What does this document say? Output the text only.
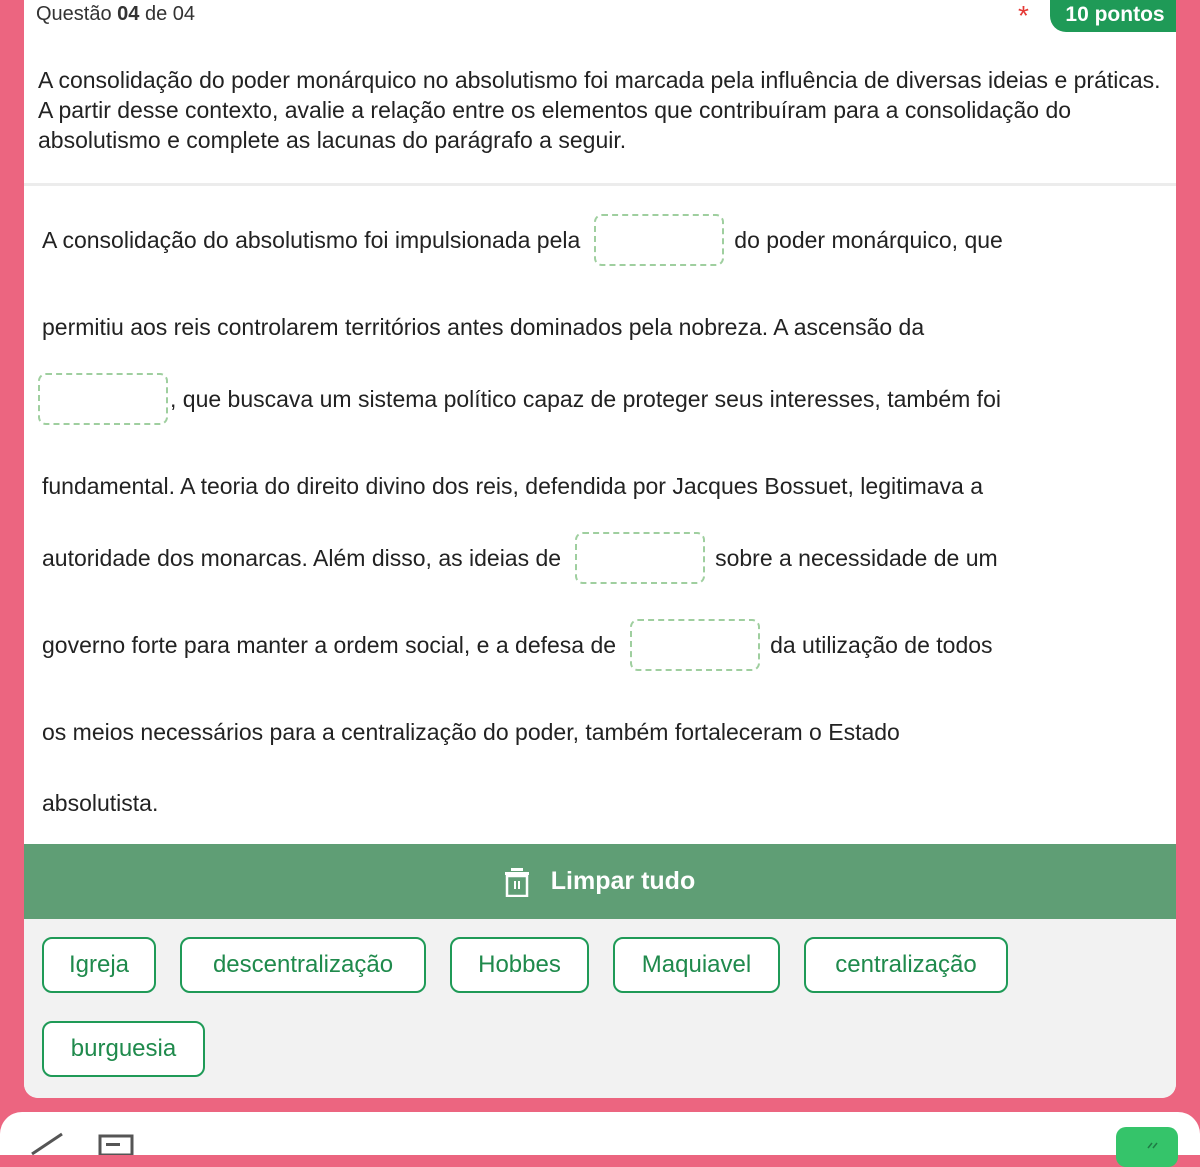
Questão 04 de 04	*	10 pontos
A consolidação do poder monárquico no absolutismo foi marcada pela influência de diversas ideias e práticas. A partir desse contexto, avalie a relação entre os elementos que contribuíram para a consolidação do absolutismo e complete as lacunas do parágrafo a seguir.
A consolidação do absolutismo foi impulsionada pela	do poder monárquico, que
permitiu aos reis controlarem territórios antes dominados pela nobreza. A ascensão da
, que buscava um sistema político capaz de proteger seus interesses, também foi
fundamental. A teoria do direito divino dos reis, defendida por Jacques Bossuet, legitimava a
autoridade dos monarcas. Além disso, as ideias de	sobre a necessidade de um
governo forte para manter a ordem social, e a defesa de	da utilização de todos
os meios necessários para a centralização do poder, também fortaleceram o Estado
absolutista.
Limpar tudo
Igreja	descentralização	Hobbes	Maquiavel	centralização
burguesia
